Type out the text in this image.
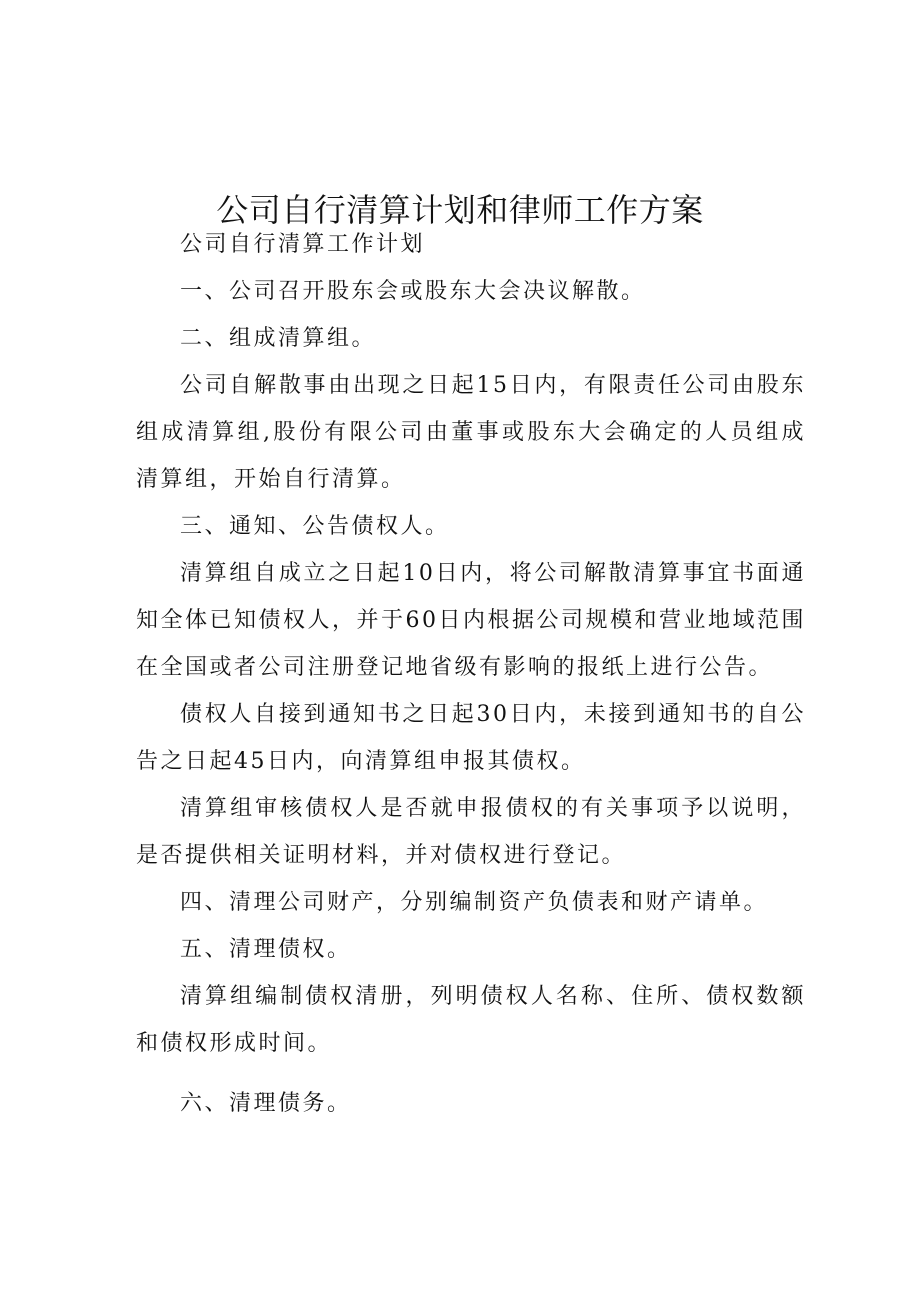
公司自行清算计划和律师工作方案

公司自行清算工作计划

一、公司召开股东会或股东大会决议解散。

二、组成清算组。

公司自解散事由出现之日起15日内，有限责任公司由股东组成清算组,股份有限公司由董事或股东大会确定的人员组成清算组，开始自行清算。

三、通知、公告债权人。

清算组自成立之日起10日内，将公司解散清算事宜书面通知全体已知债权人，并于60日内根据公司规模和营业地域范围在全国或者公司注册登记地省级有影响的报纸上进行公告。

债权人自接到通知书之日起30日内，未接到通知书的自公告之日起45日内，向清算组申报其债权。

清算组审核债权人是否就申报债权的有关事项予以说明，是否提供相关证明材料，并对债权进行登记。

四、清理公司财产，分别编制资产负债表和财产请单。

五、清理债权。

清算组编制债权清册，列明债权人名称、住所、债权数额和债权形成时间。

六、清理债务。
